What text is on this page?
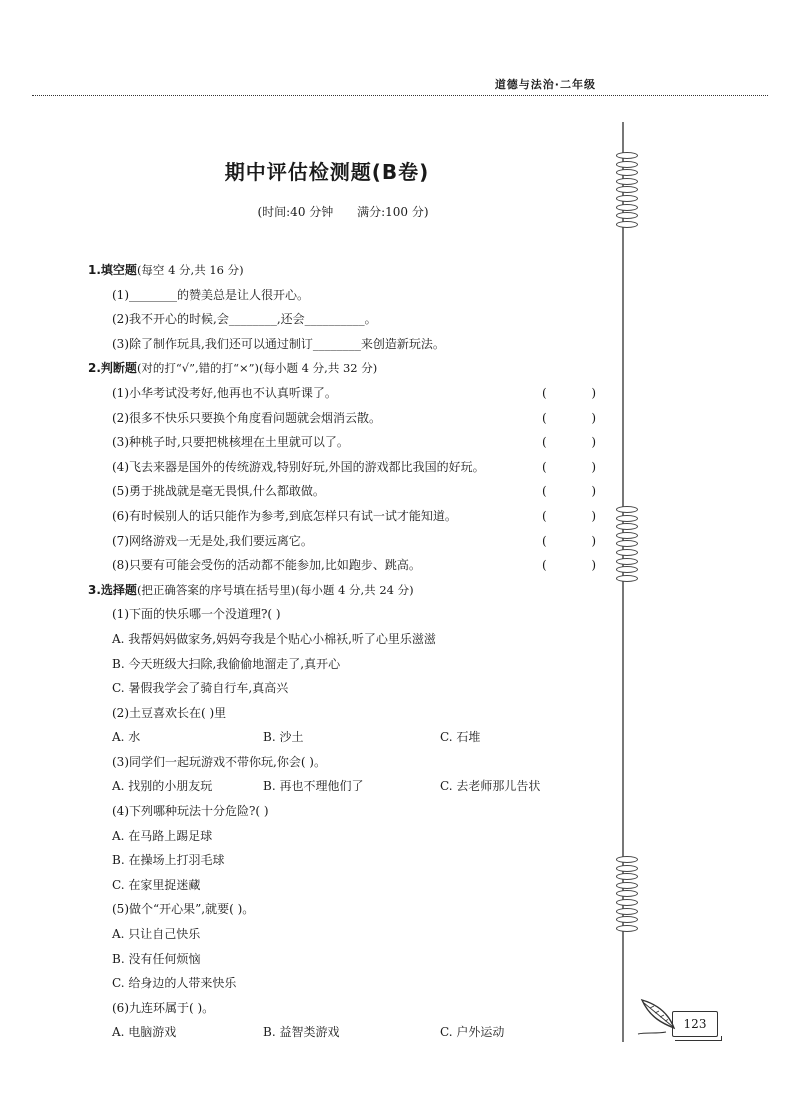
道德与法治·二年级
期中评估检测题(B卷)
(时间:40 分钟 满分:100 分)
1.填空题(每空 4 分,共 16 分)
(1)________的赞美总是让人很开心。
(2)我不开心的时候,会________,还会__________。
(3)除了制作玩具,我们还可以通过制订________来创造新玩法。
2.判断题(对的打“√”,错的打“×”)(每小题 4 分,共 32 分)
(1)小华考试没考好,他再也不认真听课了。	(	)
(2)很多不快乐只要换个角度看问题就会烟消云散。	(	)
(3)种桃子时,只要把桃核埋在土里就可以了。	(	)
(4)飞去来器是国外的传统游戏,特别好玩,外国的游戏都比我国的好玩。	(	)
(5)勇于挑战就是毫无畏惧,什么都敢做。	(	)
(6)有时候别人的话只能作为参考,到底怎样只有试一试才能知道。	(	)
(7)网络游戏一无是处,我们要远离它。	(	)
(8)只要有可能会受伤的活动都不能参加,比如跑步、跳高。	(	)
3.选择题(把正确答案的序号填在括号里)(每小题 4 分,共 24 分)
(1)下面的快乐哪一个没道理?( )
A. 我帮妈妈做家务,妈妈夸我是个贴心小棉袄,听了心里乐滋滋
B. 今天班级大扫除,我偷偷地溜走了,真开心
C. 暑假我学会了骑自行车,真高兴
(2)土豆喜欢长在( )里
A. 水	B. 沙土	C. 石堆
(3)同学们一起玩游戏不带你玩,你会( )。
A. 找别的小朋友玩	B. 再也不理他们了	C. 去老师那儿告状
(4)下列哪种玩法十分危险?( )
A. 在马路上踢足球
B. 在操场上打羽毛球
C. 在家里捉迷藏
(5)做个“开心果”,就要( )。
A. 只让自己快乐
B. 没有任何烦恼
C. 给身边的人带来快乐
(6)九连环属于( )。
A. 电脑游戏	B. 益智类游戏	C. 户外运动
123
